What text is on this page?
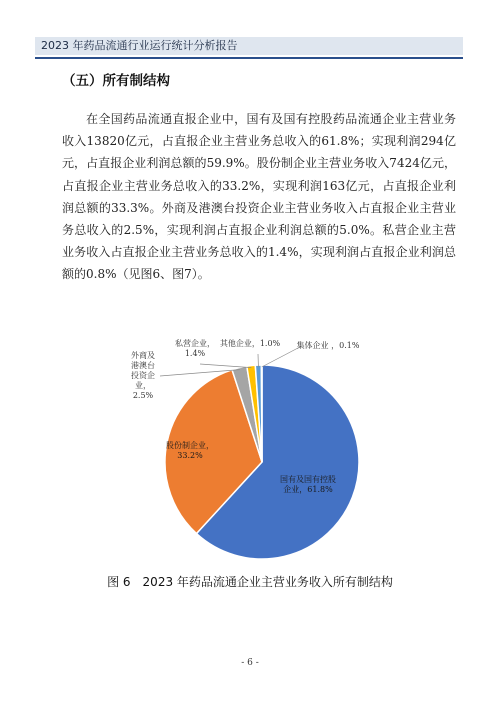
2023 年药品流通行业运行统计分析报告
（五）所有制结构

在全国药品流通直报企业中，国有及国有控股药品流通企业主营业务收入13820亿元，占直报企业主营业务总收入的61.8%；实现利润294亿元，占直报企业利润总额的59.9%。股份制企业主营业务收入7424亿元，占直报企业主营业务总收入的33.2%，实现利润163亿元，占直报企业利润总额的33.3%。外商及港澳台投资企业主营业务收入占直报企业主营业务总收入的2.5%，实现利润占直报企业利润总额的5.0%。私营企业主营业务收入占直报企业主营业务总收入的1.4%，实现利润占直报企业利润总额的0.8%（见图6、图7）。

国有及国有控股企业，61.8%
股份制企业， 33.2%
外商及港澳台投资企业， 2.5%
私营企业， 1.4%
其他企业，1.0% 集体企业 ，0.1%
图 6　2023 年药品流通企业主营业务收入所有制结构
- 6 -
